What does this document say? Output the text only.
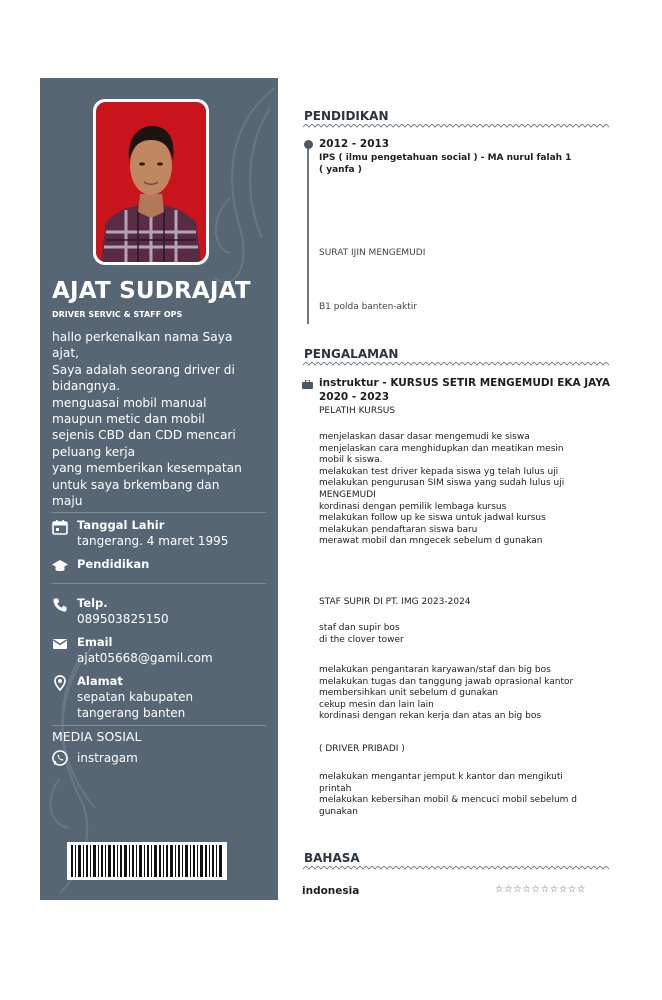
AJAT SUDRAJAT
DRIVER SERVIC & STAFF OPS
hallo perkenalkan nama Saya
ajat,
Saya adalah seorang driver di
bidangnya.
menguasai mobil manual
maupun metic dan mobil
sejenis CBD dan CDD mencari
peluang kerja
yang memberikan kesempatan
untuk saya brkembang dan
maju
Tanggal Lahir
tangerang. 4 maret 1995
Pendidikan
Telp.
089503825150
Email
ajat05668@gamil.com
Alamat
sepatan kabupaten
tangerang banten
MEDIA SOSIAL
instragam
PENDIDIKAN
2012 - 2013
IPS ( ilmu pengetahuan social ) - MA nurul falah 1
( yanfa )
SURAT IJIN MENGEMUDI
B1 polda banten-aktir
PENGALAMAN
instruktur - KURSUS SETIR MENGEMUDI EKA JAYA
2020 - 2023
PELATIH KURSUS
menjelaskan dasar dasar mengemudi ke siswa
menjelaskan cara menghidupkan dan meatikan mesin
mobil k siswa.
melakukan test driver kepada siswa yg telah lulus uji
melakukan pengurusan SIM siswa yang sudah lulus uji
MENGEMUDI
kordinasi dengan pemilik lembaga kursus
melakukan follow up ke siswa untuk jadwal kursus
melakukan pendaftaran siswa baru
merawat mobil dan mngecek sebelum d gunakan
STAF SUPIR DI PT. IMG 2023-2024
staf dan supir bos
di the clover tower
melakukan pengantaran karyawan/staf dan big bos
melakukan tugas dan tanggung jawab oprasional kantor
membersihkan unit sebelum d gunakan
cekup mesin dan lain lain
kordinasi dengan rekan kerja dan atas an big bos
( DRIVER PRIBADI )
melakukan mengantar jemput k kantor dan mengikuti
printah
melakukan kebersihan mobil & mencuci mobil sebelum d
gunakan
BAHASA
indonesia	☆☆☆☆☆☆☆☆☆☆
